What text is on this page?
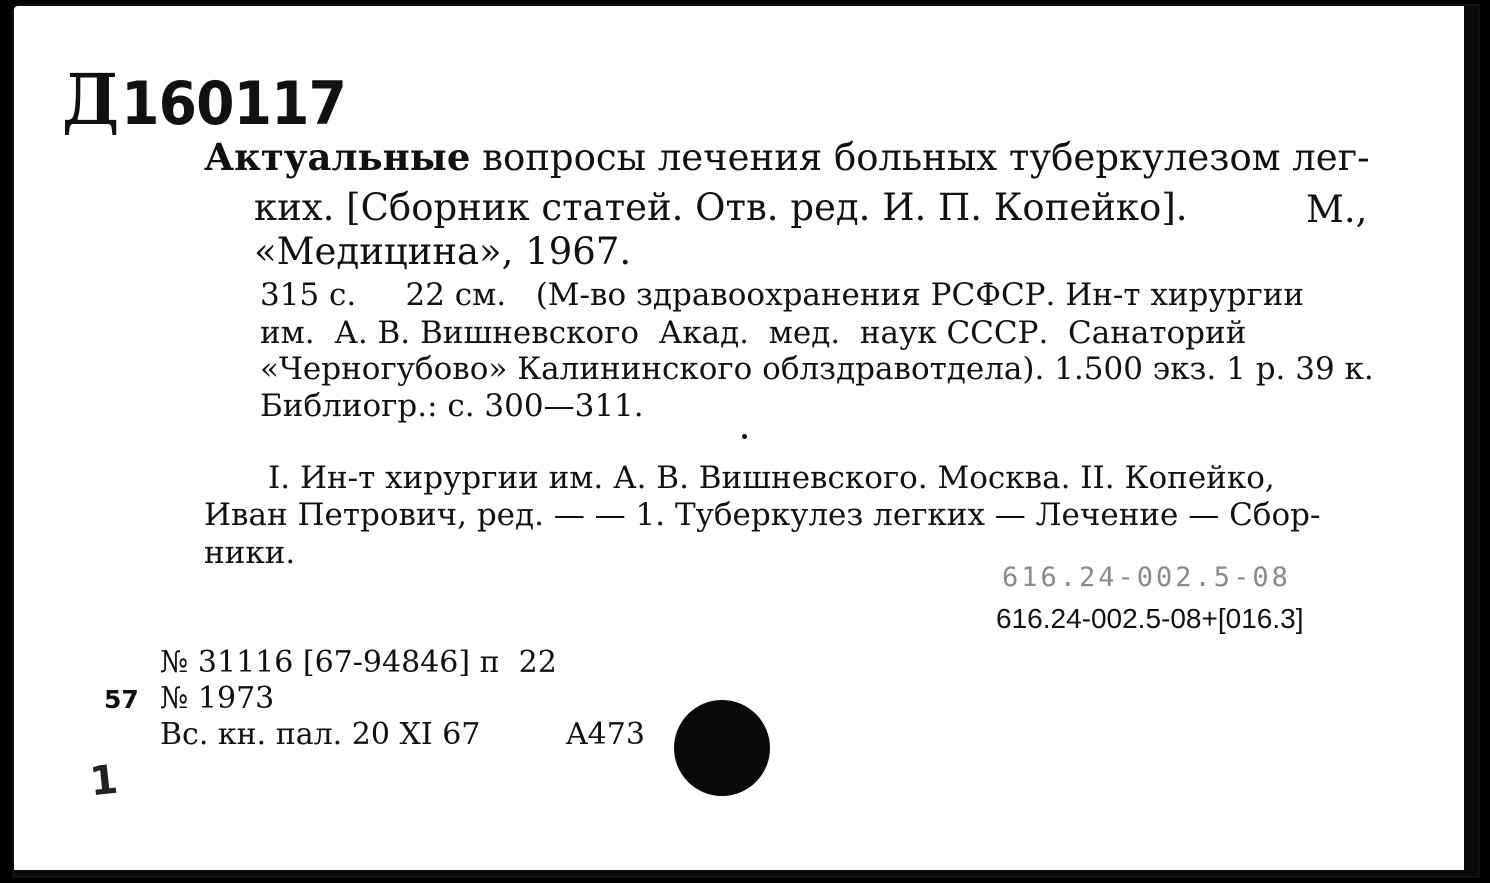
Д160117
Актуальные вопросы лечения больных туберкулезом лег-
ких. [Сборник статей. Отв. ред. И. П. Копейко].	М.,
«Медицина», 1967.
315 с.     22 см.   (М-во здравоохранения РСФСР. Ин-т хирургии
им.  А. В. Вишневского  Акад.  мед.  наук СССР.  Санаторий
«Черногубово» Калининского облздравотдела). 1.500 экз. 1 р. 39 к.
Библиогр.: с. 300—311.
I. Ин-т хирургии им. А. В. Вишневского. Москва. II. Копейко,
Иван Петрович, ред. — — 1. Туберкулез легких — Лечение — Сбор-
ники.
616.24-002.5-08
616.24-002.5-08+[016.3]
№ 31116 [67-94846] п  22
57 № 1973
Вс. кн. пал. 20 XI 67	A473
1
